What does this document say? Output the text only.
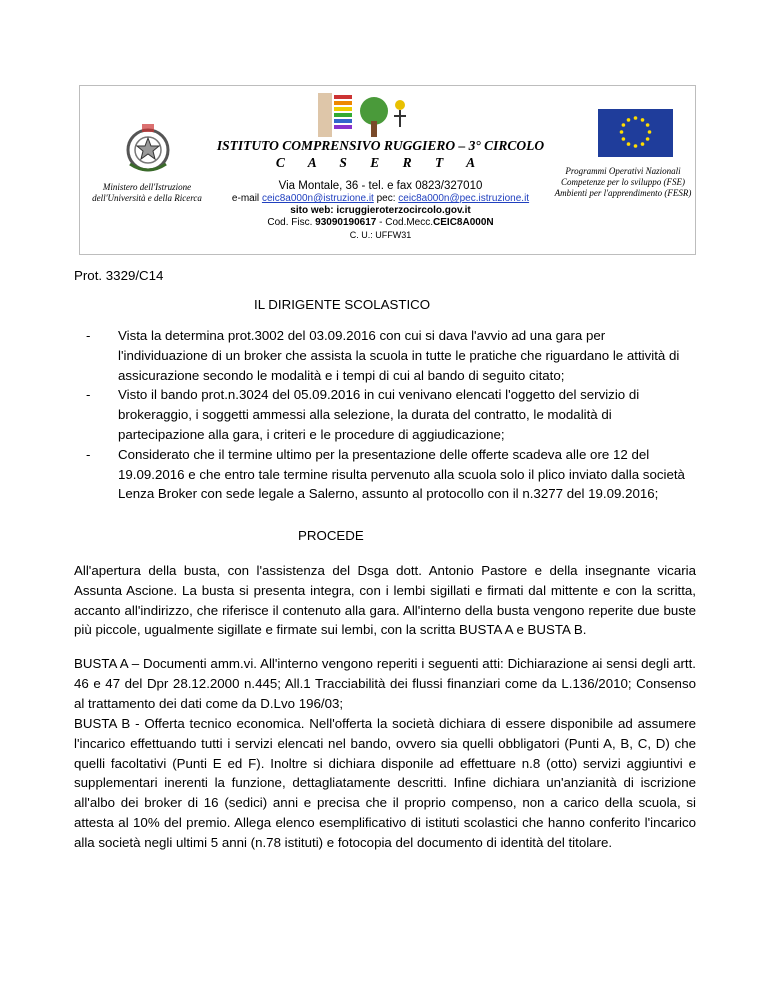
Ministero dell'Istruzione dell'Università e della Ricerca

ISTITUTO COMPRENSIVO RUGGIERO – 3° CIRCOLO

C A S E R T A

Via Montale, 36 - tel. e fax 0823/327010
e-mail ceic8a000n@istruzione.it pec: ceic8a000n@pec.istruzione.it
sito web: icruggieroterzocircolo.gov.it
Cod. Fisc. 93090190617 - Cod.Mecc.CEIC8A000N
C. U.: UFFW31
Programmi Operativi Nazionali Competenze per lo sviluppo (FSE) Ambienti per l'apprendimento (FESR)
Prot. 3329/C14
IL DIRIGENTE SCOLASTICO
-	Vista la determina prot.3002 del 03.09.2016 con cui si dava l'avvio ad una gara per l'individuazione di un broker che assista la scuola in tutte le pratiche che riguardano le attività di assicurazione secondo le modalità e i tempi di cui al bando di seguito citato;
-	Visto il bando prot.n.3024 del 05.09.2016 in cui venivano elencati l'oggetto del servizio di brokeraggio, i soggetti ammessi alla selezione, la durata del contratto, le modalità di partecipazione alla gara, i criteri e le procedure di aggiudicazione;
-	Considerato che il termine ultimo per la presentazione delle offerte scadeva alle ore 12 del 19.09.2016 e che entro tale termine risulta pervenuto alla scuola solo il plico inviato dalla società Lenza Broker con sede legale a Salerno, assunto al protocollo con il n.3277 del 19.09.2016;
PROCEDE
All'apertura della busta, con l'assistenza del Dsga dott. Antonio Pastore e della insegnante vicaria Assunta Ascione. La busta si presenta integra, con i lembi sigillati e firmati dal mittente e con la scritta, accanto all'indirizzo, che riferisce il contenuto alla gara. All'interno della busta vengono reperite due buste più piccole, ugualmente sigillate e firmate sui lembi, con la scritta BUSTA A e BUSTA B.
BUSTA A – Documenti amm.vi. All'interno vengono reperiti i seguenti atti: Dichiarazione ai sensi degli artt. 46 e 47 del Dpr 28.12.2000 n.445; All.1 Tracciabilità dei flussi finanziari come da L.136/2010; Consenso al trattamento dei dati come da D.Lvo 196/03;
BUSTA B - Offerta tecnico economica. Nell'offerta la società dichiara di essere disponibile ad assumere l'incarico effettuando tutti i servizi elencati nel bando, ovvero sia quelli obbligatori (Punti A, B, C, D) che quelli facoltativi (Punti E ed F). Inoltre si dichiara disponile ad effettuare n.8 (otto) servizi aggiuntivi e supplementari inerenti la funzione, dettagliatamente descritti. Infine dichiara un'anzianità di iscrizione all'albo dei broker di 16 (sedici) anni e precisa che il proprio compenso, non a carico della scuola, si attesta al 10% del premio. Allega elenco esemplificativo di istituti scolastici che hanno conferito l'incarico alla società negli ultimi 5 anni (n.78 istituti) e fotocopia del documento di identità del titolare.
